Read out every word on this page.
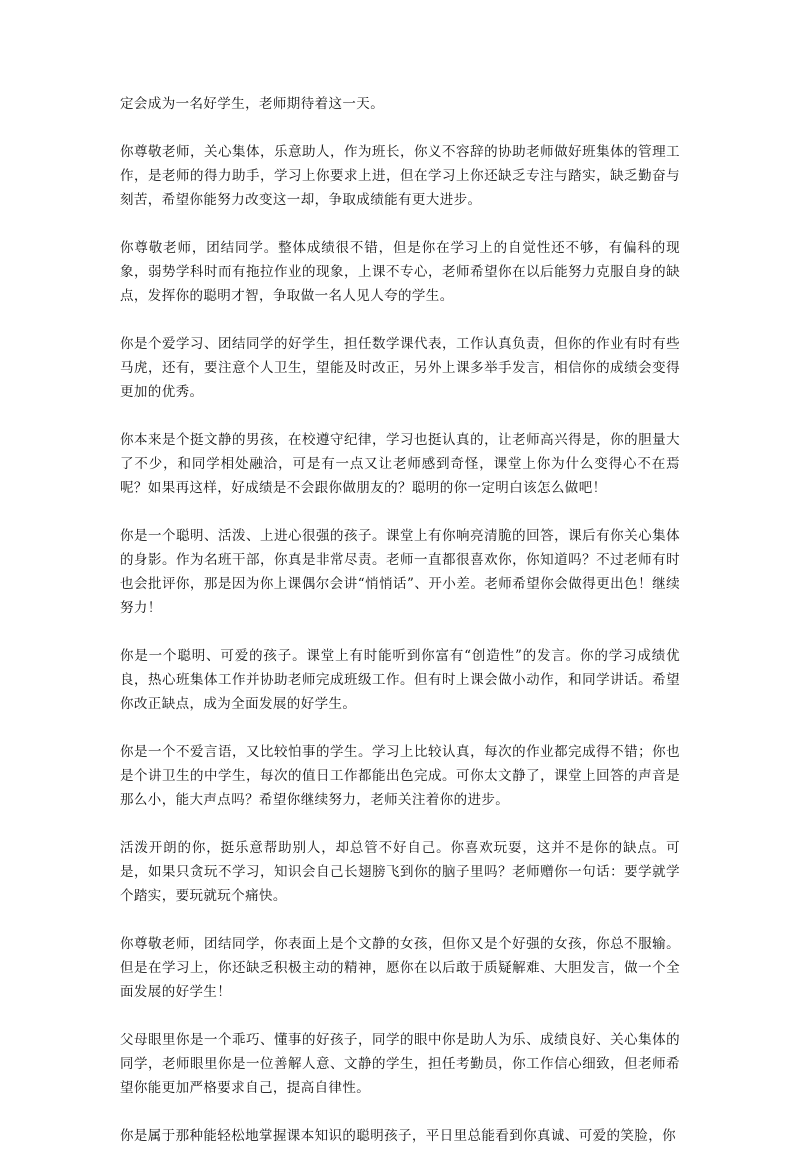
定会成为一名好学生，老师期待着这一天。

你尊敬老师，关心集体，乐意助人，作为班长，你义不容辞的协助老师做好班集体的管理工作，是老师的得力助手，学习上你要求上进，但在学习上你还缺乏专注与踏实，缺乏勤奋与刻苦，希望你能努力改变这一却，争取成绩能有更大进步。

你尊敬老师，团结同学。整体成绩很不错，但是你在学习上的自觉性还不够，有偏科的现象，弱势学科时而有拖拉作业的现象，上课不专心，老师希望你在以后能努力克服自身的缺点，发挥你的聪明才智，争取做一名人见人夸的学生。

你是个爱学习、团结同学的好学生，担任数学课代表，工作认真负责，但你的作业有时有些马虎，还有，要注意个人卫生，望能及时改正，另外上课多举手发言，相信你的成绩会变得更加的优秀。

你本来是个挺文静的男孩，在校遵守纪律，学习也挺认真的，让老师高兴得是，你的胆量大了不少，和同学相处融洽，可是有一点又让老师感到奇怪，课堂上你为什么变得心不在焉呢？如果再这样，好成绩是不会跟你做朋友的？聪明的你一定明白该怎么做吧！

你是一个聪明、活泼、上进心很强的孩子。课堂上有你响亮清脆的回答，课后有你关心集体的身影。作为名班干部，你真是非常尽责。老师一直都很喜欢你，你知道吗？不过老师有时也会批评你，那是因为你上课偶尔会讲“悄悄话”、开小差。老师希望你会做得更出色！继续努力！

你是一个聪明、可爱的孩子。课堂上有时能听到你富有“创造性”的发言。你的学习成绩优良，热心班集体工作并协助老师完成班级工作。但有时上课会做小动作，和同学讲话。希望你改正缺点，成为全面发展的好学生。

你是一个不爱言语，又比较怕事的学生。学习上比较认真，每次的作业都完成得不错；你也是个讲卫生的中学生，每次的值日工作都能出色完成。可你太文静了，课堂上回答的声音是那么小，能大声点吗？希望你继续努力，老师关注着你的进步。

活泼开朗的你，挺乐意帮助别人，却总管不好自己。你喜欢玩耍，这并不是你的缺点。可是，如果只贪玩不学习，知识会自己长翅膀飞到你的脑子里吗？老师赠你一句话：要学就学个踏实，要玩就玩个痛快。

你尊敬老师，团结同学，你表面上是个文静的女孩，但你又是个好强的女孩，你总不服输。但是在学习上，你还缺乏积极主动的精神，愿你在以后敢于质疑解难、大胆发言，做一个全面发展的好学生！

父母眼里你是一个乖巧、懂事的好孩子，同学的眼中你是助人为乐、成绩良好、关心集体的同学，老师眼里你是一位善解人意、文静的学生，担任考勤员，你工作信心细致，但老师希望你能更加严格要求自己，提高自律性。

你是属于那种能轻松地掌握课本知识的聪明孩子，平日里总能看到你真诚、可爱的笑脸，你
